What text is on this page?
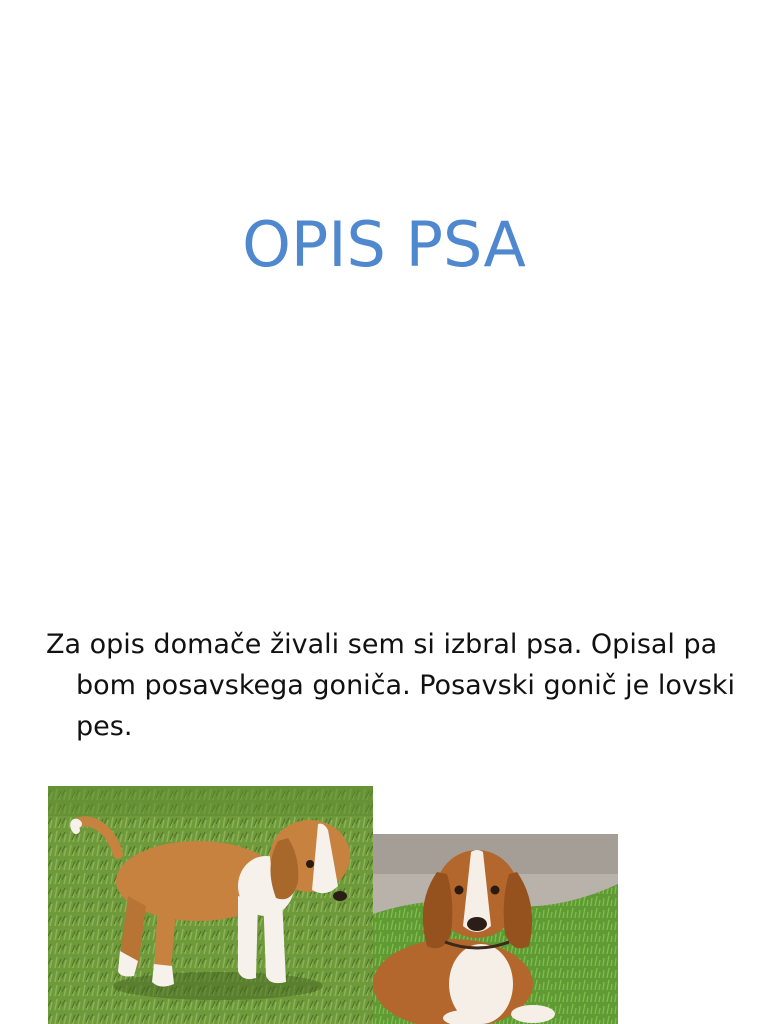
OPIS PSA

Za opis domače živali sem si izbral psa. Opisal pa bom posavskega goniča. Posavski gonič je lovski pes.
